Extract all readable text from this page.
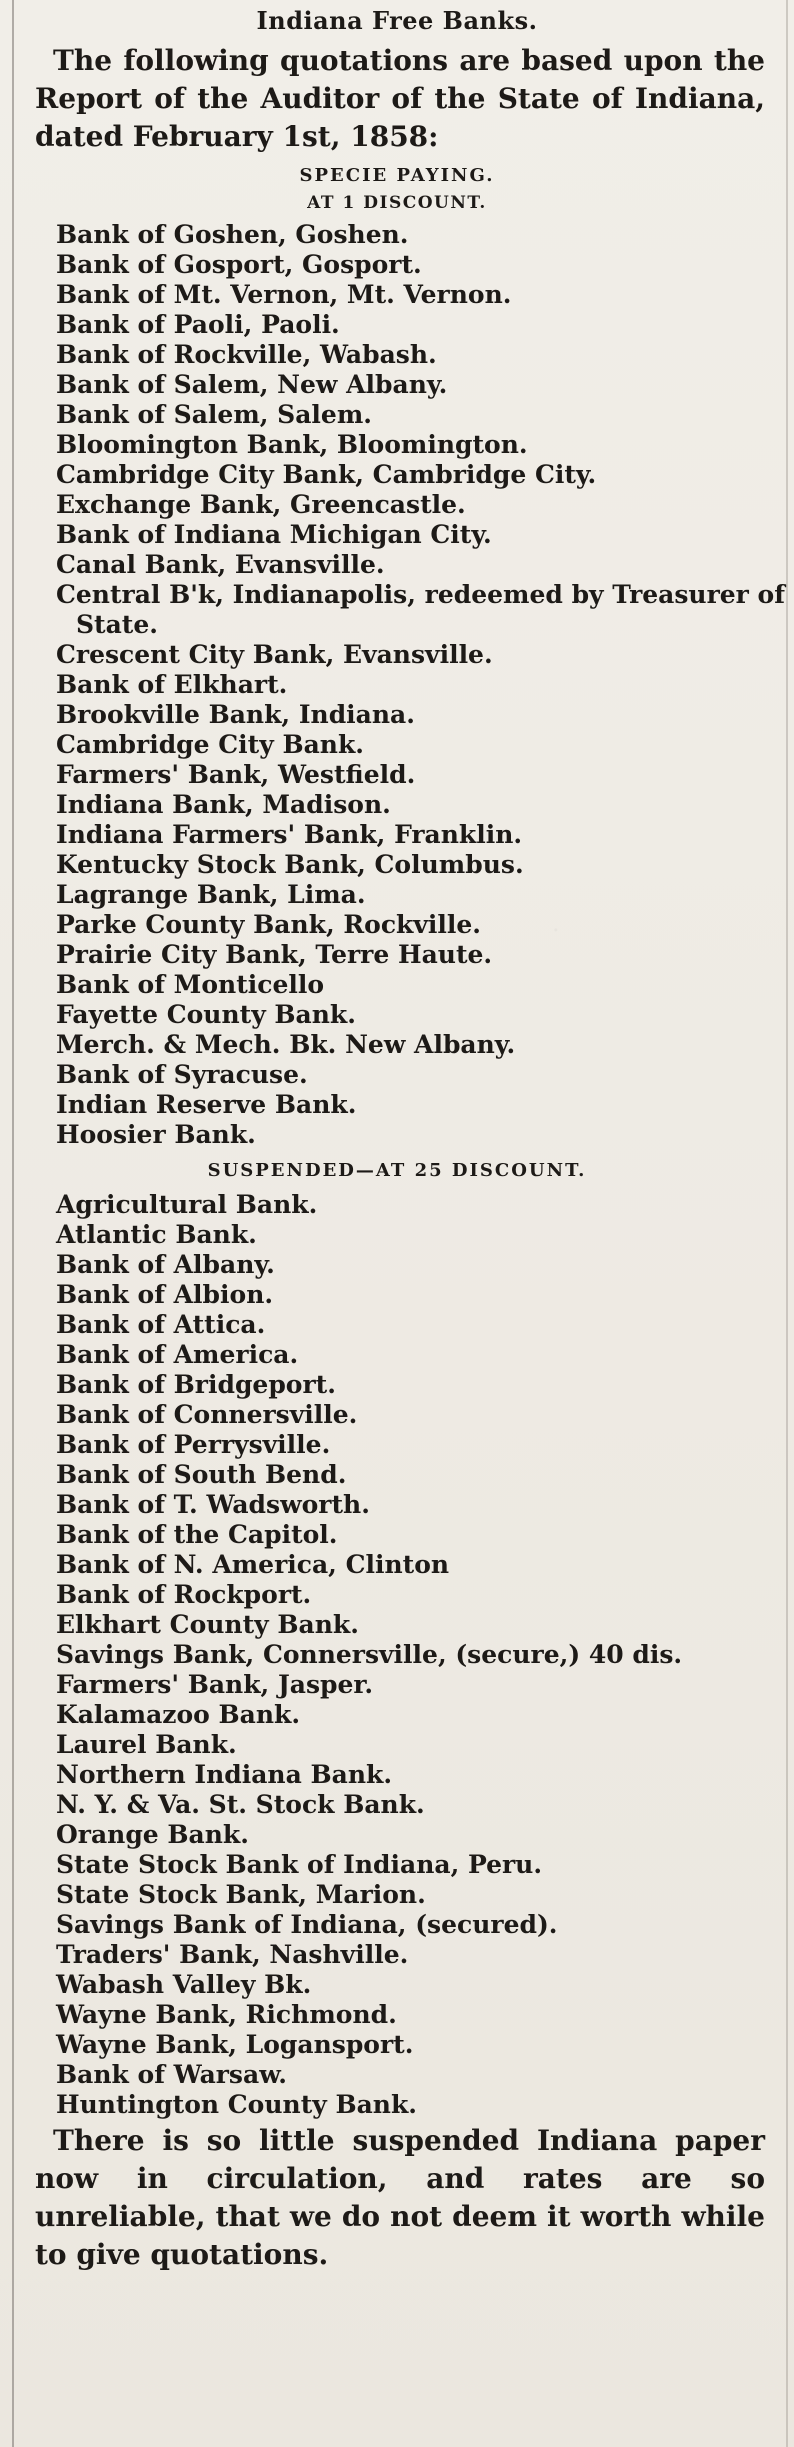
Indiana Free Banks.
The following quotations are based upon the Report of the Auditor of the State of Indiana, dated February 1st, 1858:
SPECIE PAYING.
AT 1 DISCOUNT.
Bank of Goshen, Goshen.
Bank of Gosport, Gosport.
Bank of Mt. Vernon, Mt. Vernon.
Bank of Paoli, Paoli.
Bank of Rockville, Wabash.
Bank of Salem, New Albany.
Bank of Salem, Salem.
Bloomington Bank, Bloomington.
Cambridge City Bank, Cambridge City.
Exchange Bank, Greencastle.
Bank of Indiana Michigan City.
Canal Bank, Evansville.
Central B'k, Indianapolis, redeemed by Treasurer of State.
Crescent City Bank, Evansville.
Bank of Elkhart.
Brookville Bank, Indiana.
Cambridge City Bank.
Farmers' Bank, Westfield.
Indiana Bank, Madison.
Indiana Farmers' Bank, Franklin.
Kentucky Stock Bank, Columbus.
Lagrange Bank, Lima.
Parke County Bank, Rockville.
Prairie City Bank, Terre Haute.
Bank of Monticello
Fayette County Bank.
Merch. & Mech. Bk. New Albany.
Bank of Syracuse.
Indian Reserve Bank.
Hoosier Bank.
SUSPENDED—AT 25 DISCOUNT.
Agricultural Bank.
Atlantic Bank.
Bank of Albany.
Bank of Albion.
Bank of Attica.
Bank of America.
Bank of Bridgeport.
Bank of Connersville.
Bank of Perrysville.
Bank of South Bend.
Bank of T. Wadsworth.
Bank of the Capitol.
Bank of N. America, Clinton
Bank of Rockport.
Elkhart County Bank.
Savings Bank, Connersville, (secure,) 40 dis.
Farmers' Bank, Jasper.
Kalamazoo Bank.
Laurel Bank.
Northern Indiana Bank.
N. Y. & Va. St. Stock Bank.
Orange Bank.
State Stock Bank of Indiana, Peru.
State Stock Bank, Marion.
Savings Bank of Indiana, (secured).
Traders' Bank, Nashville.
Wabash Valley Bk.
Wayne Bank, Richmond.
Wayne Bank, Logansport.
Bank of Warsaw.
Huntington County Bank.
There is so little suspended Indiana paper now in circulation, and rates are so unreliable, that we do not deem it worth while to give quotations.
